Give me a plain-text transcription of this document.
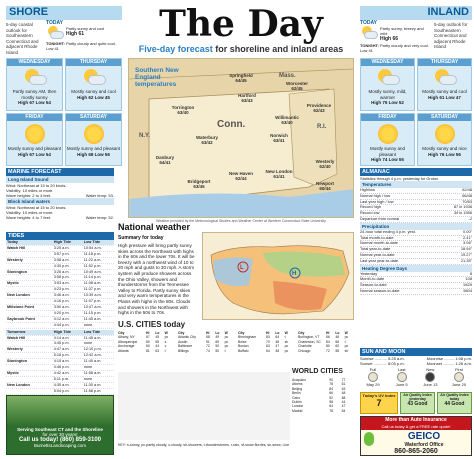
SHORE
5-day coastal outlook for Southeastern Connecticut and adjacent Rhode Island
TODAY
Partly sunny and cool
High 61
TONIGHT: Partly cloudy and quite cool. Low 41
WEDNESDAY
Partly sunny AM, then mostly sunny
High 67 Low 54
THURSDAY
Mostly sunny and cool
High 62 Low 45
FRIDAY
Mostly sunny and pleasant
High 67 Low 54
SATURDAY
Mostly sunny and pleasant
High 68 Low 56
INLAND
TODAY
Partly sunny, breezy and mild
High 66
TONIGHT: Partly cloudy and very cool. Low 41
5-day outlook for Southeastern Connecticut and adjacent Rhode Island
WEDNESDAY
Mostly sunny, mild, warmer
High 75 Low 52
THURSDAY
Mostly sunny and cool
High 61 Low 47
FRIDAY
Mostly sunny and pleasant
High 74 Low 55
SATURDAY
Mostly sunny and nice
High 76 Low 56
The Day
Five-day forecast for shoreline and inland areas
Southern New England temperatures
Conn.	R.I.
Mass.
N.Y.
Worcester
62/45
Providence
62/43
Hartford
63/43
Norwich
63/41
New London
61/41
Westerly
62/40
New Haven
62/44
Bridgeport
63/45
Danbury
64/41
Waterbury
63/42
Newport
60/44
Torrington
63/40
Springfield
64/45
Willimantic
63/40
Weather provided by the Meteorological Studies and Weather Center at Western Connecticut State University
MARINE FORECAST
Long Island Sound
Wind: Northeast at 15 to 20 knots.
Visibility: 10 miles or more.
Wave heights: 2 to 4 feet.	Water temp: 53.
Block Island waters
Wind: Northeast at 15 to 20 knots.
Visibility: 10 miles or more.
Wave heights: 4 to 7 feet.	Water temp: 52.
TIDES
Today	High Tide	Low Tide
Watch Hill	3:25 a.m.	10:54 a.m.
	3:57 p.m.	11:18 p.m.
Westerly	3:58 a.m.	11:22 a.m.
	4:30 p.m.	11:52 p.m.
Stonington	3:26 a.m.	10:49 a.m.
	3:58 p.m.	11:14 p.m.
Mystic	3:53 a.m.	11:08 a.m.
	4:23 p.m.	11:37 p.m.
New London	3:46 a.m.	10:39 a.m.
	4:16 p.m.	11:07 p.m.
Millstone Point	3:50 a.m.	10:47 a.m.
	4:20 p.m.	11:15 p.m.
Saybrook Point	4:12 a.m.	11:45 a.m.
	4:44 p.m.	none
Tomorrow	High Tide	Low Tide
Watch Hill	4:14 a.m.	11:45 a.m.
	4:45 p.m.	none
Westerly	4:47 a.m.	12:10 p.m.
	5:18 p.m.	12:42 a.m.
Stonington	4:15 a.m.	11:40 a.m.
	4:46 p.m.	none
Mystic	4:42 a.m.	11:58 a.m.
	5:11 p.m.	none
New London	4:35 a.m.	11:30 a.m.
	5:04 p.m.	11:58 p.m.

Serving Southeast CT and the Shoreline
for over 30 years!
Call us today! (860) 859-3100
BurnettsLandscaping.com
National weather
Summary for today
High pressure will bring partly sunny skies across the Northeast with highs in the 60s and the lower 70s. It will be breezy with a northwest wind of 10 to 20 mph and gusts to 30 mph. A storm system will produce showers across the Ohio Valley, showers and thunderstorms from the Tennessee Valley to Florida. Partly sunny skies and very warm temperatures in the Plains with highs in the 80s. Clouds and showers in the Northwest with highs in the 50s to 70s.
H
L
U.S. CITIES today
City	Hi	Lo	W
Albany, NY	67	45	pc
Albuquerque	80	55	s
Anchorage	60	44	c
Atlanta	81	63	t
City	Hi	Lo	W
Atlantic City	68	49	pc
Austin	91	69	pc
Baltimore	72	50	pc
Billings	74	50	t
City	Hi	Lo	W
Birmingham	83	64	t
Boise	70	48	sh
Boston	63	47	pc
Buffalo	64	48	pc
City	Hi	Lo	W
Burlington, VT	66	46	pc
Charleston, SC	84	66	t
Charlotte	80	60	pc
Chicago	72	58	sh
WORLD CITIES
Acapulco	90	77
Athens	78	61
Beijing	84	63
Berlin	66	48
Cairo	92	68
Dublin	58	44
London	64	47
Madrid	78	54
KEY: s-sunny, pc-partly cloudy, c-cloudy, sh-showers, t-thunderstorms, r-rain, sf-snow flurries, sn-snow, i-ice
ALMANAC
Statistics through 4 p.m. yesterday for Groton
Temperatures
High/low	62/48
Normal high / low	66/48
Last year high / low	70/53
Record high	87 in 1936
Record low	34 in 1956
Departure from normal	-2
Precipitation
24-hour total ending 4 p.m. yest.	0.00"
Total month-to-date	2.41"
Normal month-to-date	3.06"
Total year-to-date	18.94"
Normal year-to-date	19.27"
Last year year-to-date	21.35"
Heating Degree Days
Yesterday	8
Month-to-date	108
Season-to-date	5429
Normal season-to-date	5604
SUN AND MOON
Sunrise ........... 5:25 a.m.
Sunset ............ 8:05 p.m.
Moonrise ......... 1:08 p.m.
Moonset .......... 1:26 a.m.
Full
May 29
Last
June 5
New
June 13
First
June 20
Today's UV Index
7
Air Quality Index yesterday
43 Good
Air Quality Index today
44 Good
More than Auto Insurance
Call us today & get a FREE rate quote!
GEICO
Waterford Office
860-865-2060
